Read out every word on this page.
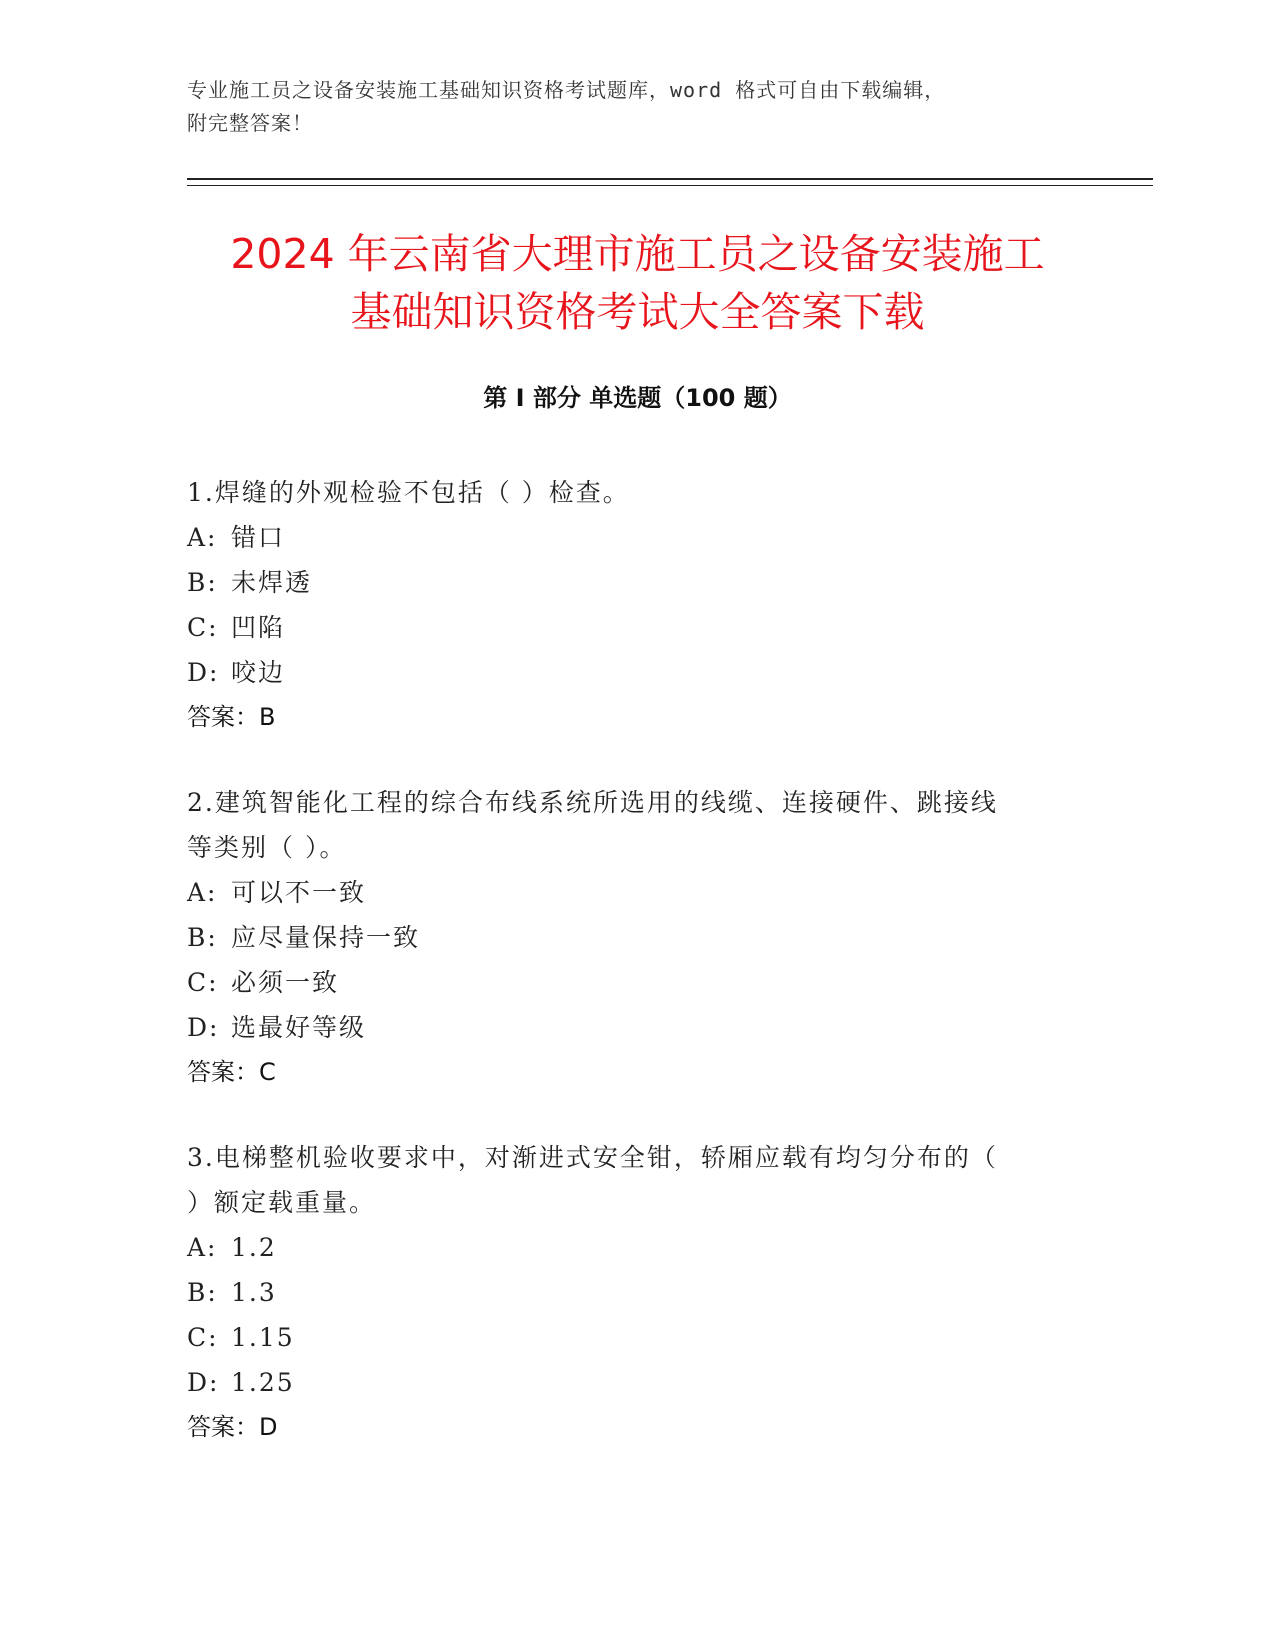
专业施工员之设备安装施工基础知识资格考试题库，word 格式可自由下载编辑，
附完整答案！
2024 年云南省大理市施工员之设备安装施工
基础知识资格考试大全答案下载
第 I 部分 单选题（100 题）

1.焊缝的外观检验不包括（ ）检查。

A: 错口

B: 未焊透

C: 凹陷

D: 咬边

答案：B

2.建筑智能化工程的综合布线系统所选用的线缆、连接硬件、跳接线

等类别（ ）。

A: 可以不一致

B: 应尽量保持一致

C: 必须一致

D: 选最好等级

答案：C

3.电梯整机验收要求中，对渐进式安全钳，轿厢应载有均匀分布的（

）额定载重量。

A: 1.2

B: 1.3

C: 1.15

D: 1.25

答案：D
